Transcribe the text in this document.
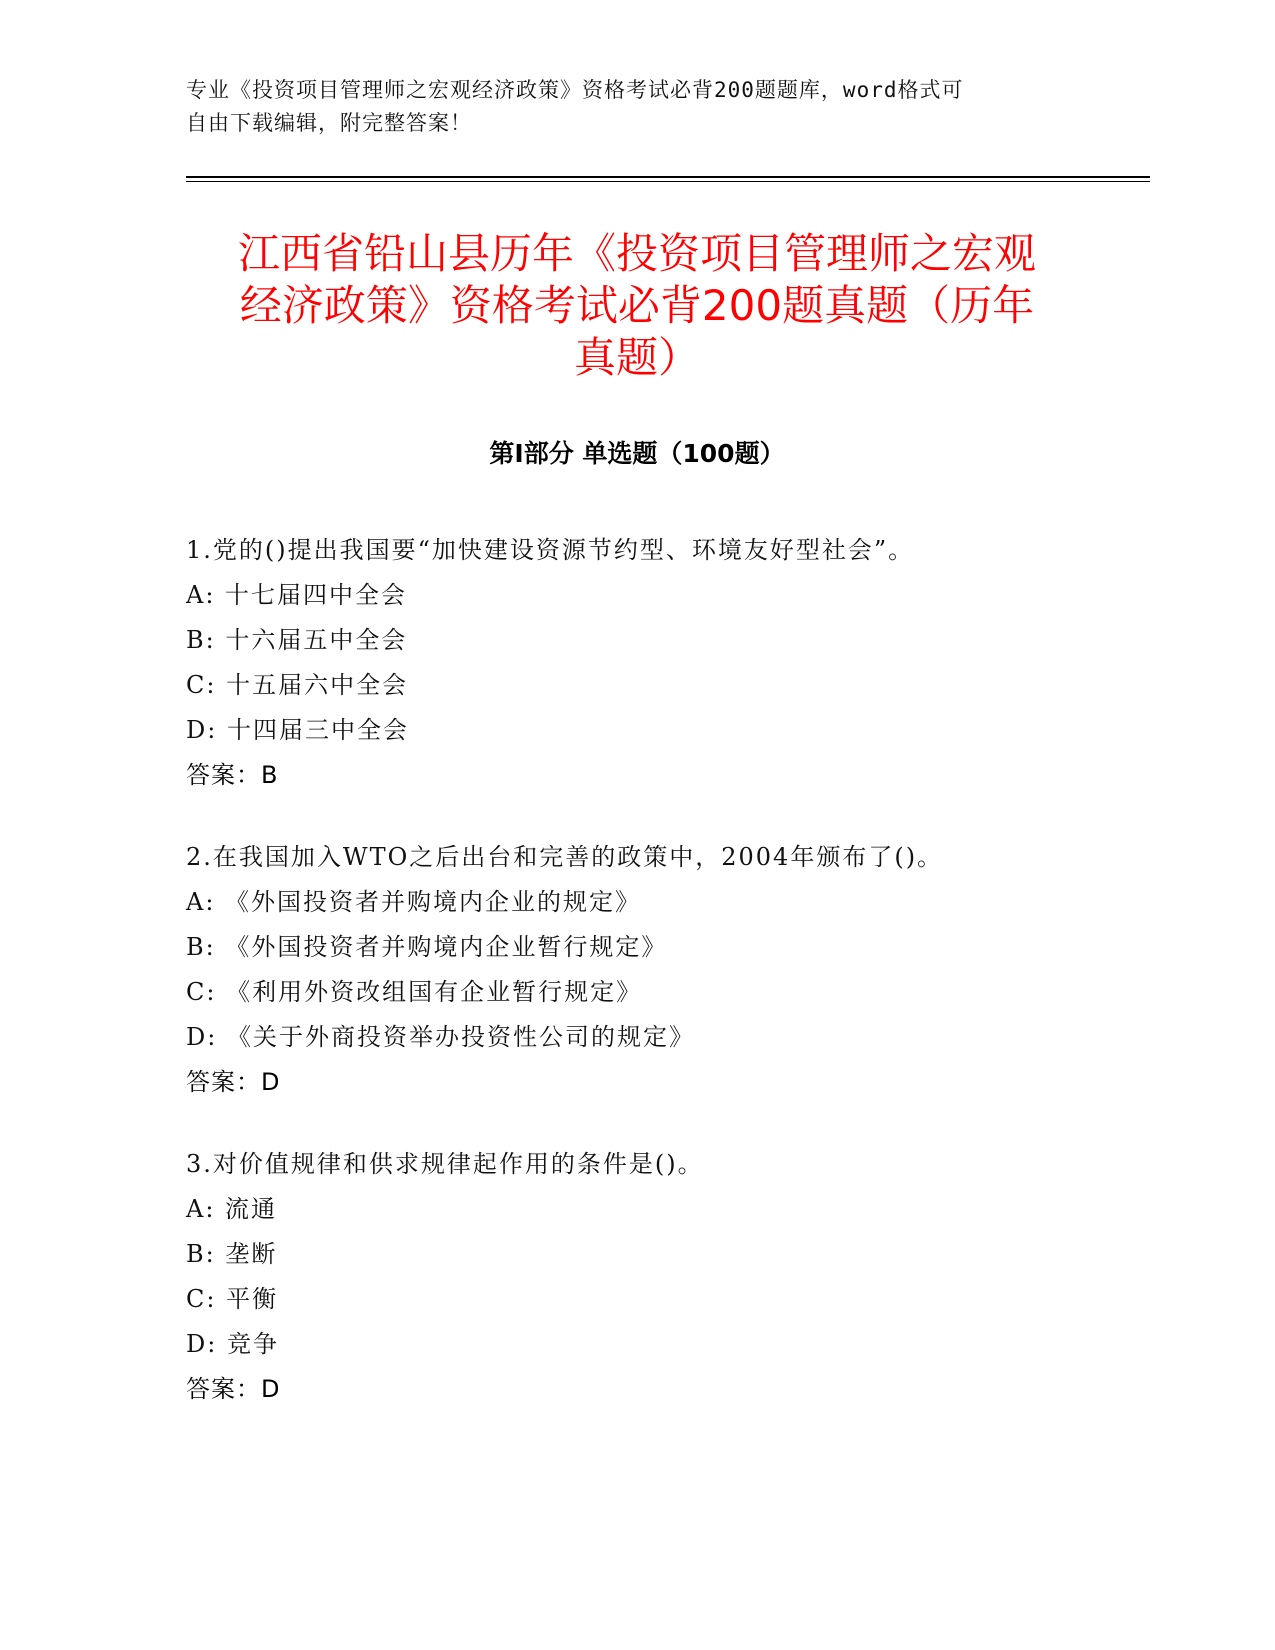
专业《投资项目管理师之宏观经济政策》资格考试必背200题题库，word格式可
自由下载编辑，附完整答案！
江西省铅山县历年《投资项目管理师之宏观
经济政策》资格考试必背200题真题（历年
真题）
第Ⅰ部分 单选题（100题）
1.党的()提出我国要“加快建设资源节约型、环境友好型社会”。
A: 十七届四中全会
B: 十六届五中全会
C: 十五届六中全会
D: 十四届三中全会
答案：B
2.在我国加入WTO之后出台和完善的政策中，2004年颁布了()。
A: 《外国投资者并购境内企业的规定》
B: 《外国投资者并购境内企业暂行规定》
C: 《利用外资改组国有企业暂行规定》
D: 《关于外商投资举办投资性公司的规定》
答案：D
3.对价值规律和供求规律起作用的条件是()。
A: 流通
B: 垄断
C: 平衡
D: 竞争
答案：D
